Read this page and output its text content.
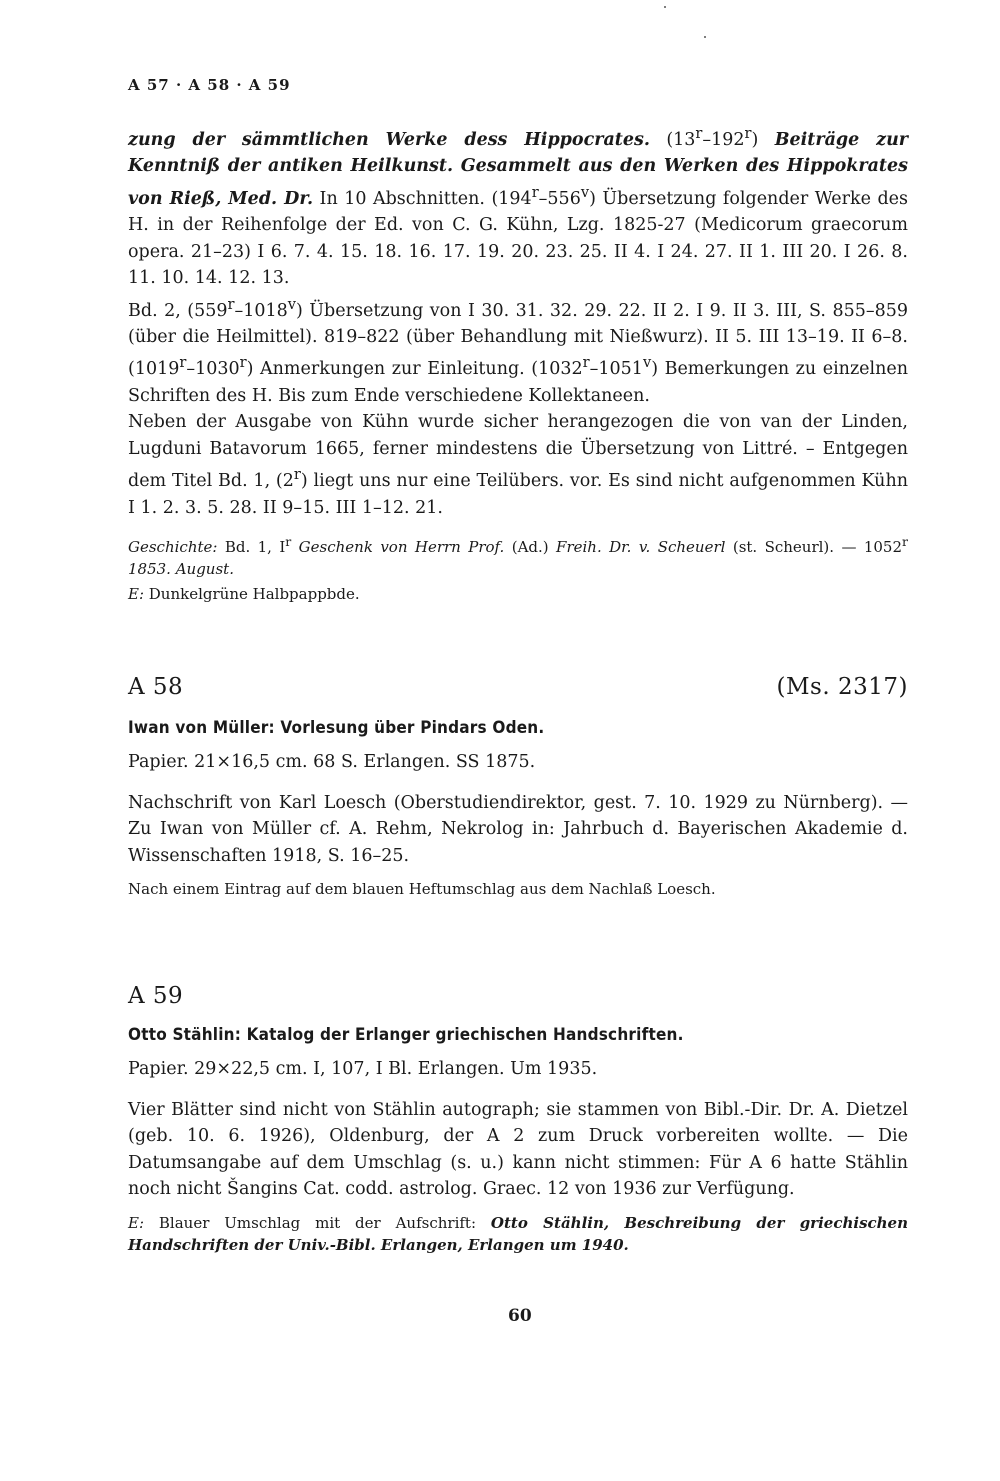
A 57 · A 58 · A 59

zung der sämmtlichen Werke dess Hippocrates. (13$^r$–192$^r$) Beiträge zur Kenntniß der antiken Heilkunst. Gesammelt aus den Werken des Hippokrates von Rieß, Med. Dr. In 10 Abschnitten. (194$^r$–556$^v$) Übersetzung folgender Werke des H. in der Reihenfolge der Ed. von C. G. Kühn, Lzg. 1825-27 (Medicorum graecorum opera. 21–23) I 6. 7. 4. 15. 18. 16. 17. 19. 20. 23. 25. II 4. I 24. 27. II 1. III 20. I 26. 8. 11. 10. 14. 12. 13.

Bd. 2, (559$^r$–1018$^v$) Übersetzung von I 30. 31. 32. 29. 22. II 2. I 9. II 3. III, S. 855–859 (über die Heilmittel). 819–822 (über Behandlung mit Nießwurz). II 5. III 13–19. II 6–8. (1019$^r$–1030$^r$) Anmerkungen zur Einleitung. (1032$^r$–1051$^v$) Bemerkungen zu einzelnen Schriften des H. Bis zum Ende verschiedene Kollektaneen.

Neben der Ausgabe von Kühn wurde sicher herangezogen die von van der Linden, Lugduni Batavorum 1665, ferner mindestens die Übersetzung von Littré. – Entgegen dem Titel Bd. 1, (2$^r$) liegt uns nur eine Teilübers. vor. Es sind nicht aufgenommen Kühn I 1. 2. 3. 5. 28. II 9–15. III 1–12. 21.

Geschichte: Bd. 1, $I^r$ Geschenk von Herrn Prof. (Ad.) Freih. Dr. v. Scheuerl (st. Scheurl). — 1052$^r$ 1853. August.

E: Dunkelgrüne Halbpappbde.

A 58	(Ms. 2317)
Iwan von Müller: Vorlesung über Pindars Oden.

Papier. 21×16,5 cm. 68 S. Erlangen. SS 1875.

Nachschrift von Karl Loesch (Oberstudiendirektor, gest. 7. 10. 1929 zu Nürnberg). — Zu Iwan von Müller cf. A. Rehm, Nekrolog in: Jahrbuch d. Bayerischen Akademie d. Wissenschaften 1918, S. 16–25.

Nach einem Eintrag auf dem blauen Heftumschlag aus dem Nachlaß Loesch.

A 59
Otto Stählin: Katalog der Erlanger griechischen Handschriften.

Papier. 29×22,5 cm. I, 107, I Bl. Erlangen. Um 1935.

Vier Blätter sind nicht von Stählin autograph; sie stammen von Bibl.-Dir. Dr. A. Dietzel (geb. 10. 6. 1926), Oldenburg, der A 2 zum Druck vorbereiten wollte. — Die Datumsangabe auf dem Umschlag (s. u.) kann nicht stimmen: Für A 6 hatte Stählin noch nicht Šangins Cat. codd. astrolog. Graec. 12 von 1936 zur Verfügung.

E: Blauer Umschlag mit der Aufschrift: Otto Stählin, Beschreibung der griechischen Handschriften der Univ.-Bibl. Erlangen, Erlangen um 1940.

60
